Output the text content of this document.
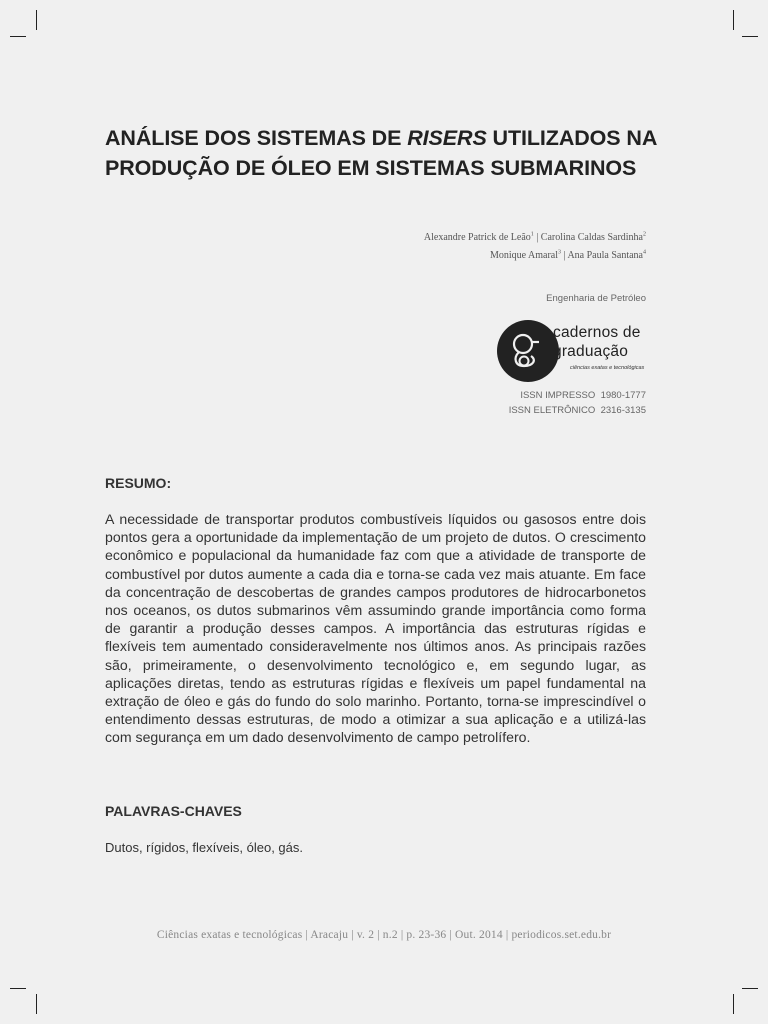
ANÁLISE DOS SISTEMAS DE RISERS UTILIZADOS NA PRODUÇÃO DE ÓLEO EM SISTEMAS SUBMARINOS
Alexandre Patrick de Leão$^1$ | Carolina Caldas Sardinha$^2$
Monique Amaral$^3$ | Ana Paula Santana$^4$
Engenharia de Petróleo
cadernos de
graduação
ciências exatas e tecnológicas
ISSN IMPRESSO 1980-1777
ISSN ELETRÔNICO 2316-3135
RESUMO:

A necessidade de transportar produtos combustíveis líquidos ou gasosos entre dois pontos gera a oportunidade da implementação de um projeto de dutos. O crescimento econômico e populacional da humanidade faz com que a atividade de transporte de combustível por dutos aumente a cada dia e torna-se cada vez mais atuante. Em face da concentração de descobertas de grandes campos produtores de hidrocarbonetos nos oceanos, os dutos submarinos vêm assumindo grande importância como forma de garantir a produção desses campos. A importância das estruturas rígidas e flexíveis tem aumentado consideravelmente nos últimos anos. As principais razões são, primeiramente, o desenvolvimento tecnológico e, em segundo lugar, as aplicações diretas, tendo as estruturas rígidas e flexíveis um papel fundamental na extração de óleo e gás do fundo do solo marinho. Portanto, torna-se imprescindível o entendimento dessas estruturas, de modo a otimizar a sua aplicação e a utilizá-las com segurança em um dado desenvolvimento de campo petrolífero.

PALAVRAS-CHAVES

Dutos, rígidos, flexíveis, óleo, gás.

Ciências exatas e tecnológicas | Aracaju | v. 2 | n.2 | p. 23-36 | Out. 2014 | periodicos.set.edu.br
